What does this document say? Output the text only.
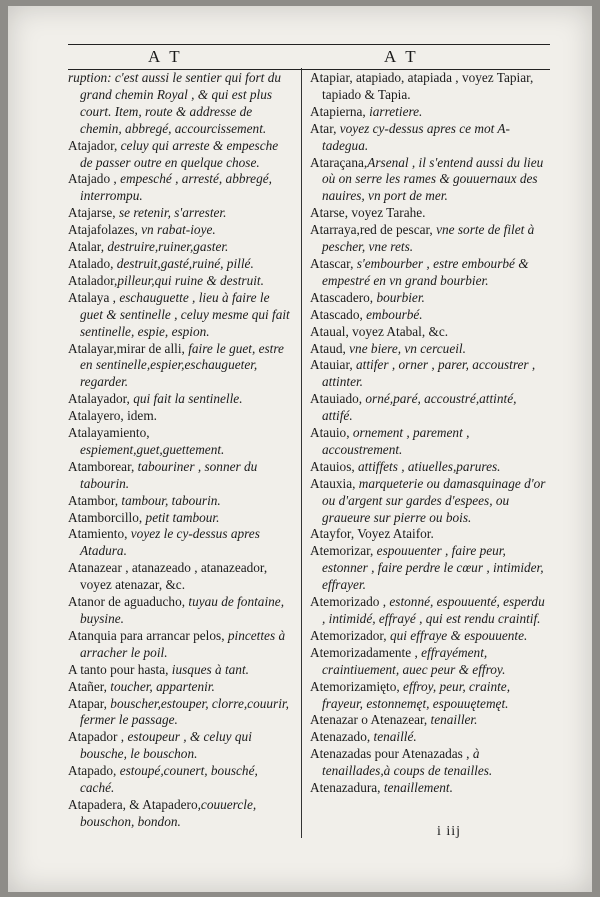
A T	A T

ruption: c'est aussi le sentier qui fort du grand chemin Royal , & qui est plus court. Item, route & addresse de chemin, abbregé, accourcissement.

Atajador, celuy qui arreste & empesche de passer outre en quelque chose.

Atajado , empesché , arresté, abbregé, interrompu.

Atajarse, se retenir, s'arrester.

Atajafolazes, vn rabat-ioye.

Atalar, destruire,ruiner,gaster.

Atalado, destruit,gasté,ruiné, pillé.

Atalador,pilleur,qui ruine & destruit.

Atalaya , eschauguette , lieu à faire le guet & sentinelle , celuy mesme qui fait sentinelle, espie, espion.

Atalayar,mirar de alli, faire le guet, estre en sentinelle,espier,eschaugueter, regarder.

Atalayador, qui fait la sentinelle.

Atalayero, idem.

Atalayamiento, espiement,guet,guettement.

Atamborear, tabouriner , sonner du tabourin.

Atambor, tambour, tabourin.

Atamborcillo, petit tambour.

Atamiento, voyez le cy-dessus apres Atadura.

Atanazear , atanazeado , atanazeador, voyez atenazar, &c.

Atanor de aguaducho, tuyau de fontaine, buysine.

Atanquia para arrancar pelos, pincettes à arracher le poil.

A tanto pour hasta, iusques à tant.

Atañer, toucher, appartenir.

Atapar, bouscher,estouper, clorre,couurir, fermer le passage.

Atapador , estoupeur , & celuy qui bousche, le bouschon.

Atapado, estoupé,counert, bousché, caché.

Atapadera, & Atapadero,couuercle, bouschon, bondon.

Atapiar, atapiado, atapiada , voyez Tapiar, tapiado & Tapia.

Atapierna, iarretiere.

Atar, voyez cy-dessus apres ce mot A-tadegua.

Atarаçana,Arsenal , il s'entend aussi du lieu où on serre les rames & gouuernaux des nauires, vn port de mer.

Atarse, voyez Tarahe.

Atarraya,red de pescar, vne sorte de filet à pescher, vne rets.

Atascar, s'embourber , estre embourbé & empestré en vn grand bourbier.

Atascadero, bourbier.

Atascado, embourbé.

Ataual, voyez Atabal, &c.

Ataud, vne biere, vn cercueil.

Atauiar, attifer , orner , parer, accoustrer , attinter.

Atauiado, orné,paré, accoustré,attinté, attifé.

Atauio, ornement , parement , accoustrement.

Atauios, attiffets , atiuelles,parures.

Atauxia, marqueterie ou damasquinage d'or ou d'argent sur gardes d'espees, ou graueure sur pierre ou bois.

Atayfor, Voyez Ataifor.

Atemorizar, espouuenter , faire peur, estonner , faire perdre le cœur , intimider, effrayer.

Atemorizado , estonné, espouuenté, esperdu , intimidé, effrayé , qui est rendu craintif.

Atemorizador, qui effraye & espouuente.

Atemorizadamente , effrayément, craintiuement, auec peur & effroy.

Atemorizamięto, effroy, peur, crainte, frayeur, estonnemęt, espouuętemęt.

Atenazar o Atenazear, tenailler.

Atenazado, tenaillé.

Atenazadas pour Atenazadas , à tenaillades,à coups de tenailles.

Atenazadura, tenaillement.

i iij
